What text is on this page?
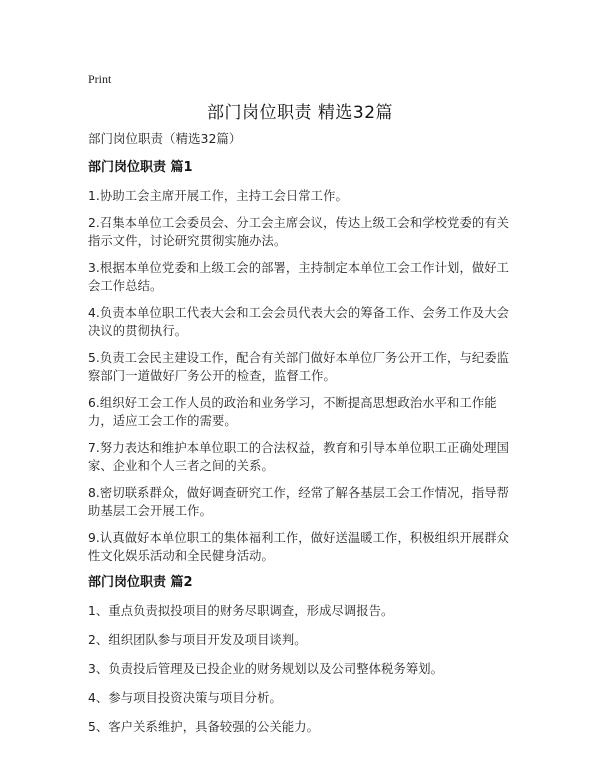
Print
部门岗位职责 精选32篇

部门岗位职责（精选32篇）

部门岗位职责 篇1

1.协助工会主席开展工作，主持工会日常工作。

2.召集本单位工会委员会、分工会主席会议，传达上级工会和学校党委的有关指示文件，讨论研究贯彻实施办法。

3.根据本单位党委和上级工会的部署，主持制定本单位工会工作计划，做好工会工作总结。

4.负责本单位职工代表大会和工会会员代表大会的筹备工作、会务工作及大会决议的贯彻执行。

5.负责工会民主建设工作，配合有关部门做好本单位厂务公开工作，与纪委监察部门一道做好厂务公开的检查，监督工作。

6.组织好工会工作人员的政治和业务学习，不断提高思想政治水平和工作能力，适应工会工作的需要。

7.努力表达和维护本单位职工的合法权益，教育和引导本单位职工正确处理国家、企业和个人三者之间的关系。

8.密切联系群众，做好调查研究工作，经常了解各基层工会工作情况，指导帮助基层工会开展工作。

9.认真做好本单位职工的集体福利工作，做好送温暖工作，积极组织开展群众性文化娱乐活动和全民健身活动。

部门岗位职责 篇2

1、重点负责拟投项目的财务尽职调查，形成尽调报告。

2、组织团队参与项目开发及项目谈判。

3、负责投后管理及已投企业的财务规划以及公司整体税务筹划。

4、参与项目投资决策与项目分析。

5、客户关系维护，具备较强的公关能力。
